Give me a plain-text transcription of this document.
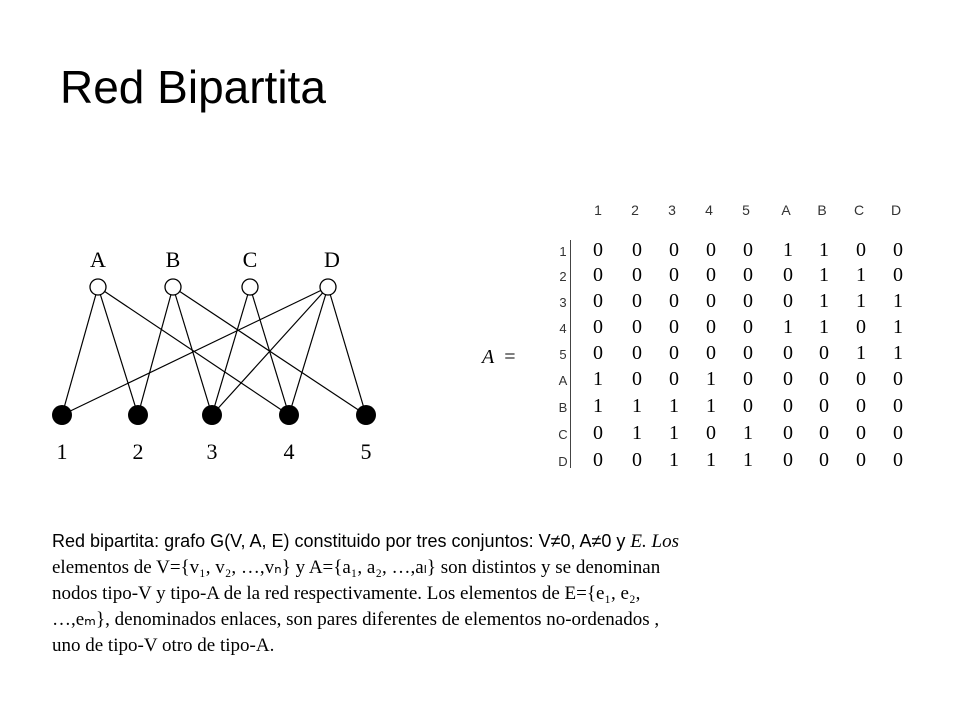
Red Bipartita
A	B	C	D
1	2	3	4	5
1	2	3	4	5	A	B	C	D
1
2
3
4
5
A
B
C
D
0 0 0 0 0 1 1 0 0
0 0 0 0 0 0 1 1 0
0 0 0 0 0 0 1 1 1
0 0 0 0 0 1 1 0 1
0 0 0 0 0 0 0 1 1
1 0 0 1 0 0 0 0 0
1 1 1 1 0 0 0 0 0
0 1 1 0 1 0 0 0 0
0 0 1 1 1 0 0 0 0
A =
Red bipartita: grafo G(V, A, E) constituido por tres conjuntos: V≠0, A≠0 y E. Los
elementos de V={v₁, v₂, …,vₙ} y A={a₁, a₂, …,aₗ} son distintos y se denominan
nodos tipo-V y tipo-A de la red respectivamente. Los elementos de E={e₁, e₂,
…,eₘ}, denominados enlaces, son pares diferentes de elementos no-ordenados ,
uno de tipo-V otro de tipo-A.
